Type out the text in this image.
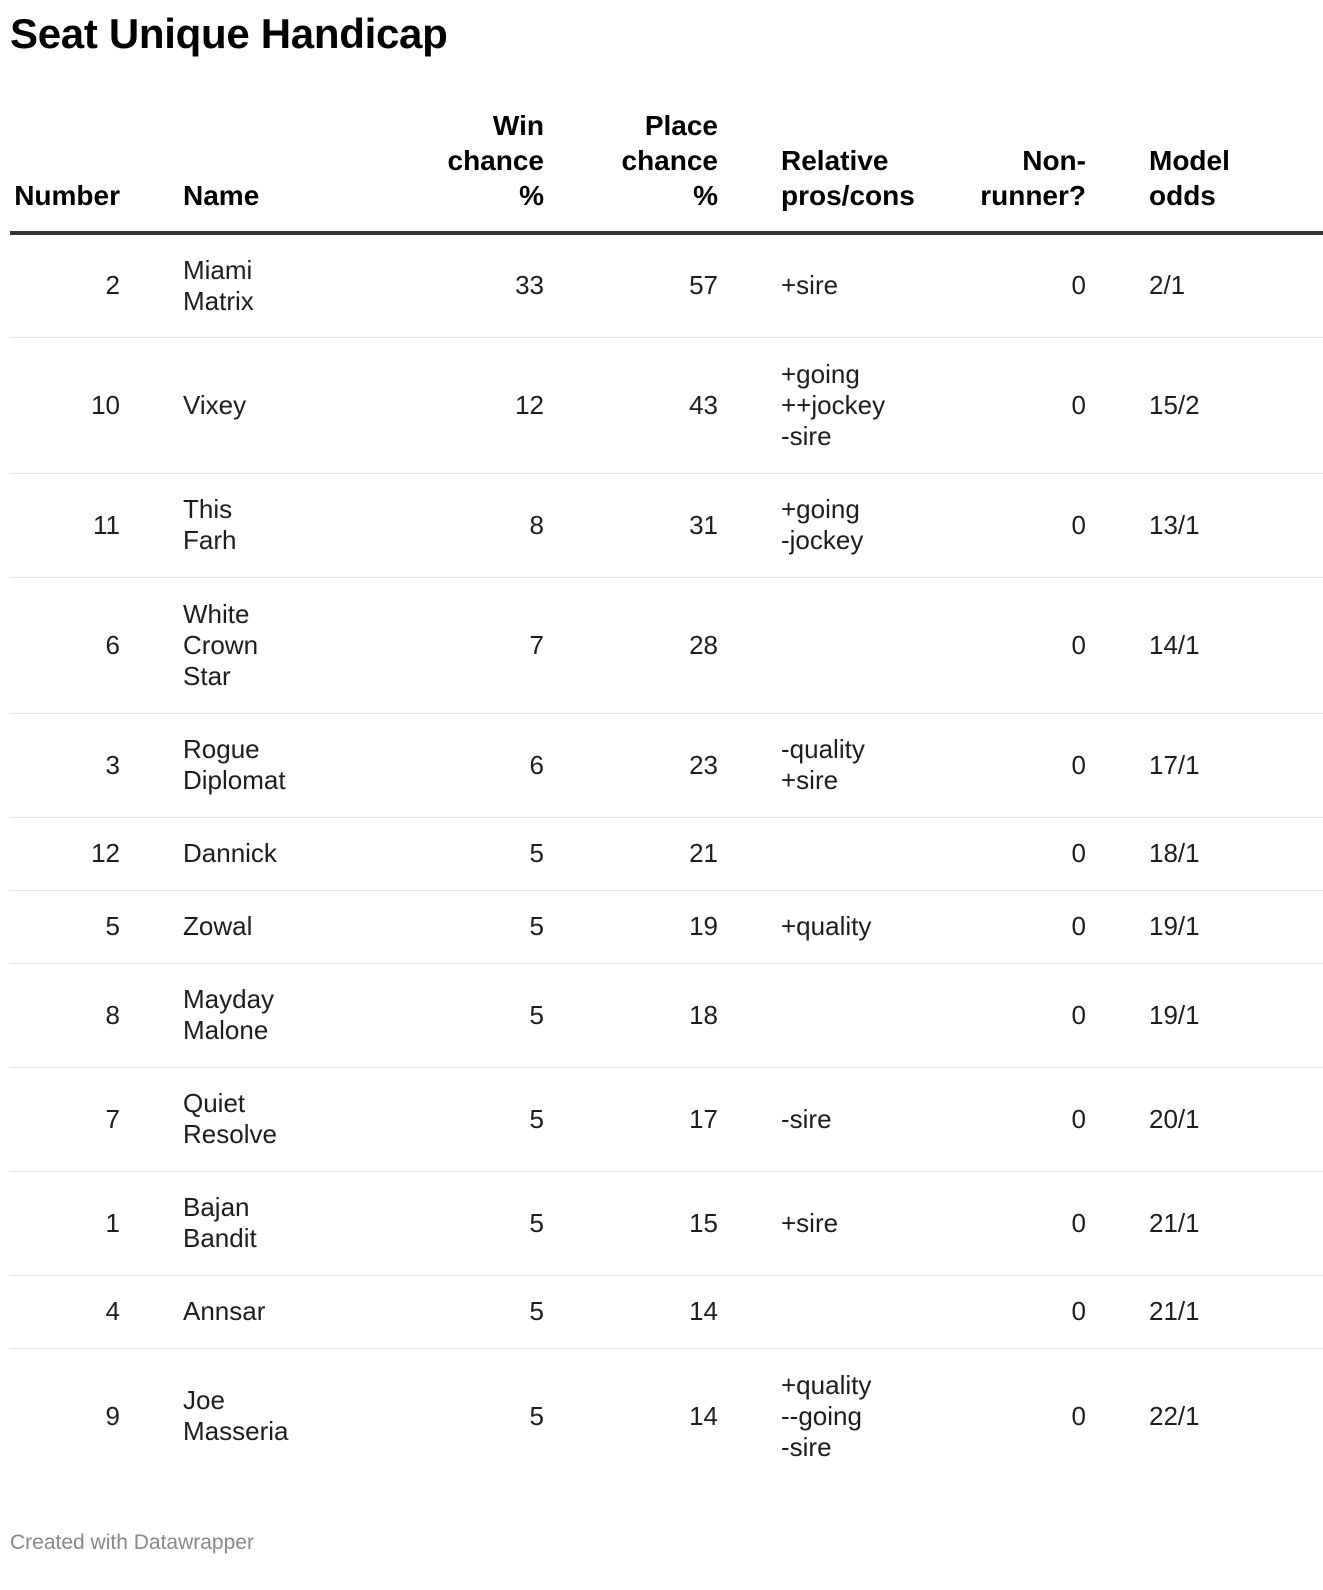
Seat Unique Handicap
Number	Name	Win
chance
%	Place
chance
%	Relative
pros/cons	Non-
runner?	Model
odds
2	Miami
Matrix	33	57	+sire	0	2/1
10	Vixey	12	43	+going
++jockey
-sire	0	15/2
11	This
Farh	8	31	+going
-jockey	0	13/1
6	White
Crown
Star	7	28		0	14/1
3	Rogue
Diplomat	6	23	-quality
+sire	0	17/1
12	Dannick	5	21		0	18/1
5	Zowal	5	19	+quality	0	19/1
8	Mayday
Malone	5	18		0	19/1
7	Quiet
Resolve	5	17	-sire	0	20/1
1	Bajan
Bandit	5	15	+sire	0	21/1
4	Annsar	5	14		0	21/1
9	Joe
Masseria	5	14	+quality
--going
-sire	0	22/1
Created with Datawrapper
